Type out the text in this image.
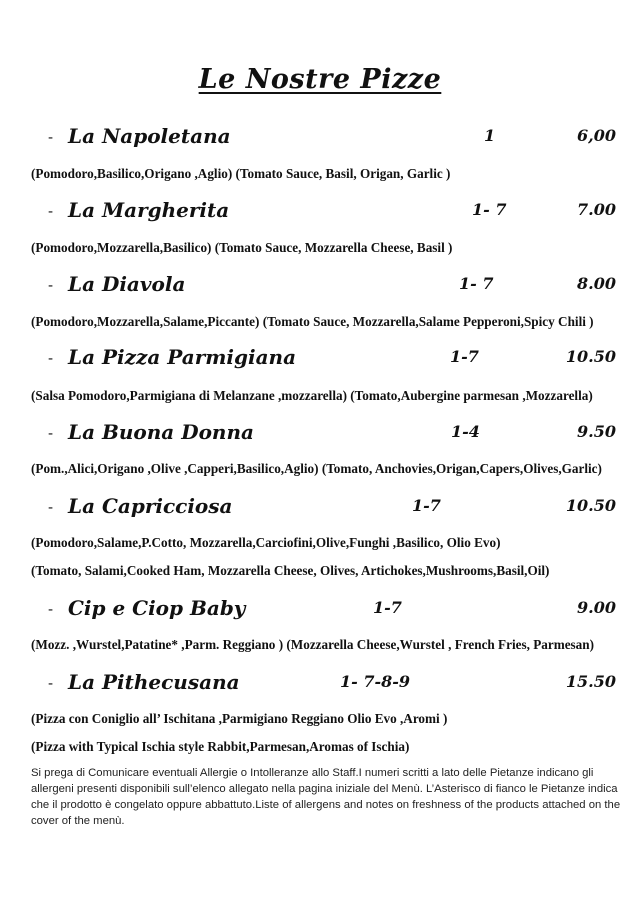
Le Nostre Pizze
- La Napoletana	1	6,00
(Pomodoro,Basilico,Origano ,Aglio) (Tomato Sauce, Basil, Origan, Garlic )
- La Margherita	1- 7	7.00
(Pomodoro,Mozzarella,Basilico) (Tomato Sauce, Mozzarella Cheese, Basil )
- La Diavola	1- 7	8.00
(Pomodoro,Mozzarella,Salame,Piccante) (Tomato Sauce, Mozzarella,Salame Pepperoni,Spicy Chili )
- La Pizza Parmigiana	1-7	10.50
(Salsa Pomodoro,Parmigiana di Melanzane ,mozzarella) (Tomato,Aubergine parmesan ,Mozzarella)
- La Buona Donna	1-4	9.50
(Pom.,Alici,Origano ,Olive ,Capperi,Basilico,Aglio) (Tomato, Anchovies,Origan,Capers,Olives,Garlic)
- La Capricciosa	1-7	10.50
(Pomodoro,Salame,P.Cotto, Mozzarella,Carciofini,Olive,Funghi ,Basilico, Olio Evo)
(Tomato, Salami,Cooked Ham, Mozzarella Cheese, Olives, Artichokes,Mushrooms,Basil,Oil)
- Cip e Ciop Baby	1-7	9.00
(Mozz. ,Wurstel,Patatine* ,Parm. Reggiano ) (Mozzarella Cheese,Wurstel , French Fries, Parmesan)
- La Pithecusana	1- 7-8-9	15.50
(Pizza con Coniglio all’ Ischitana ,Parmigiano Reggiano Olio Evo ,Aromi )
(Pizza with Typical Ischia style Rabbit,Parmesan,Aromas of Ischia)
Si prega di Comunicare eventuali Allergie o Intolleranze allo Staff.I numeri scritti a lato delle Pietanze indicano gli allergeni presenti disponibili sull’elenco allegato nella pagina iniziale del Menù. L’Asterisco di fianco le Pietanze indica che il prodotto è congelato oppure abbattuto.Liste of allergens and notes on freshness of the products attached on the cover of the menù.
